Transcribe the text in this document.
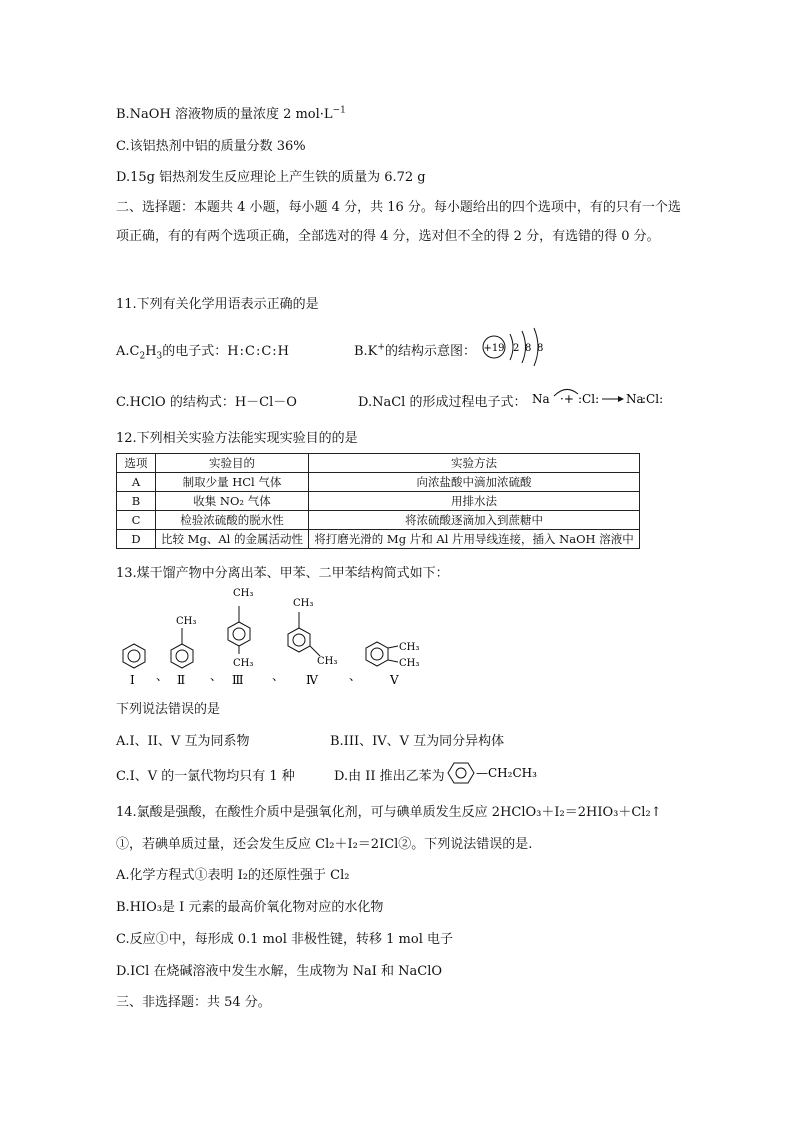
B.NaOH 溶液物质的量浓度 2 $mol\cdot L^{-1}$
C.该铝热剂中铝的质量分数 36%
D.15g 铝热剂发生反应理论上产生铁的质量为 6.72 g
二、选择题：本题共 4 小题，每小题 4 分，共 16 分。每小题给出的四个选项中，有的只有一个选项正确，有的有两个选项正确，全部选对的得 4 分，选对但不全的得 2 分，有选错的得 0 分。
11.下列有关化学用语表示正确的是
$A.C_2H_3$的电子式：H:C:C:H	B.K+的结构示意图： +19 2 8 8
C.HClO 的结构式：H－Cl－O	D.NaCl 的形成过程电子式： Na ·+ :Cl: Na
:Cl:
12.下列相关实验方法能实现实验目的的是
选项	实验目的	实验方法
A	制取少量 HCl 气体	向浓盐酸中滴加浓硫酸
B	收集 NO₂ 气体	用排水法
C	检验浓硫酸的脱水性	将浓硫酸逐滴加入到蔗糖中
D	比较 Mg、Al 的金属活动性	将打磨光滑的 Mg 片和 Al 片用导线连接，插入 NaOH 溶液中
13.煤干馏产物中分离出苯、甲苯、二甲苯结构简式如下：
Ⅰ 、
CH₃
Ⅱ 、
CH₃
CH₃
Ⅲ 、
CH₃
CH₃
Ⅳ	、
CH₃
CH₃
Ⅴ
下列说法错误的是
A.I、II、V 互为同系物	B.III、IV、V 互为同分异构体
C.I、V 的一氯代物均只有 1 种	D.由 II 推出乙苯为	—CH₂CH₃
14.氯酸是强酸，在酸性介质中是强氧化剂，可与碘单质发生反应 2HClO₃＋I₂＝2HIO₃＋Cl₂↑
①，若碘单质过量，还会发生反应 Cl₂＋I₂＝2ICl②。下列说法错误的是.
A.化学方程式①表明 I₂的还原性强于 Cl₂
B.HIO₃是 I 元素的最高价氧化物对应的水化物
C.反应①中，每形成 0.1 mol 非极性键，转移 1 mol 电子
D.ICl 在烧碱溶液中发生水解，生成物为 NaI 和 NaClO
三、非选择题：共 54 分。
